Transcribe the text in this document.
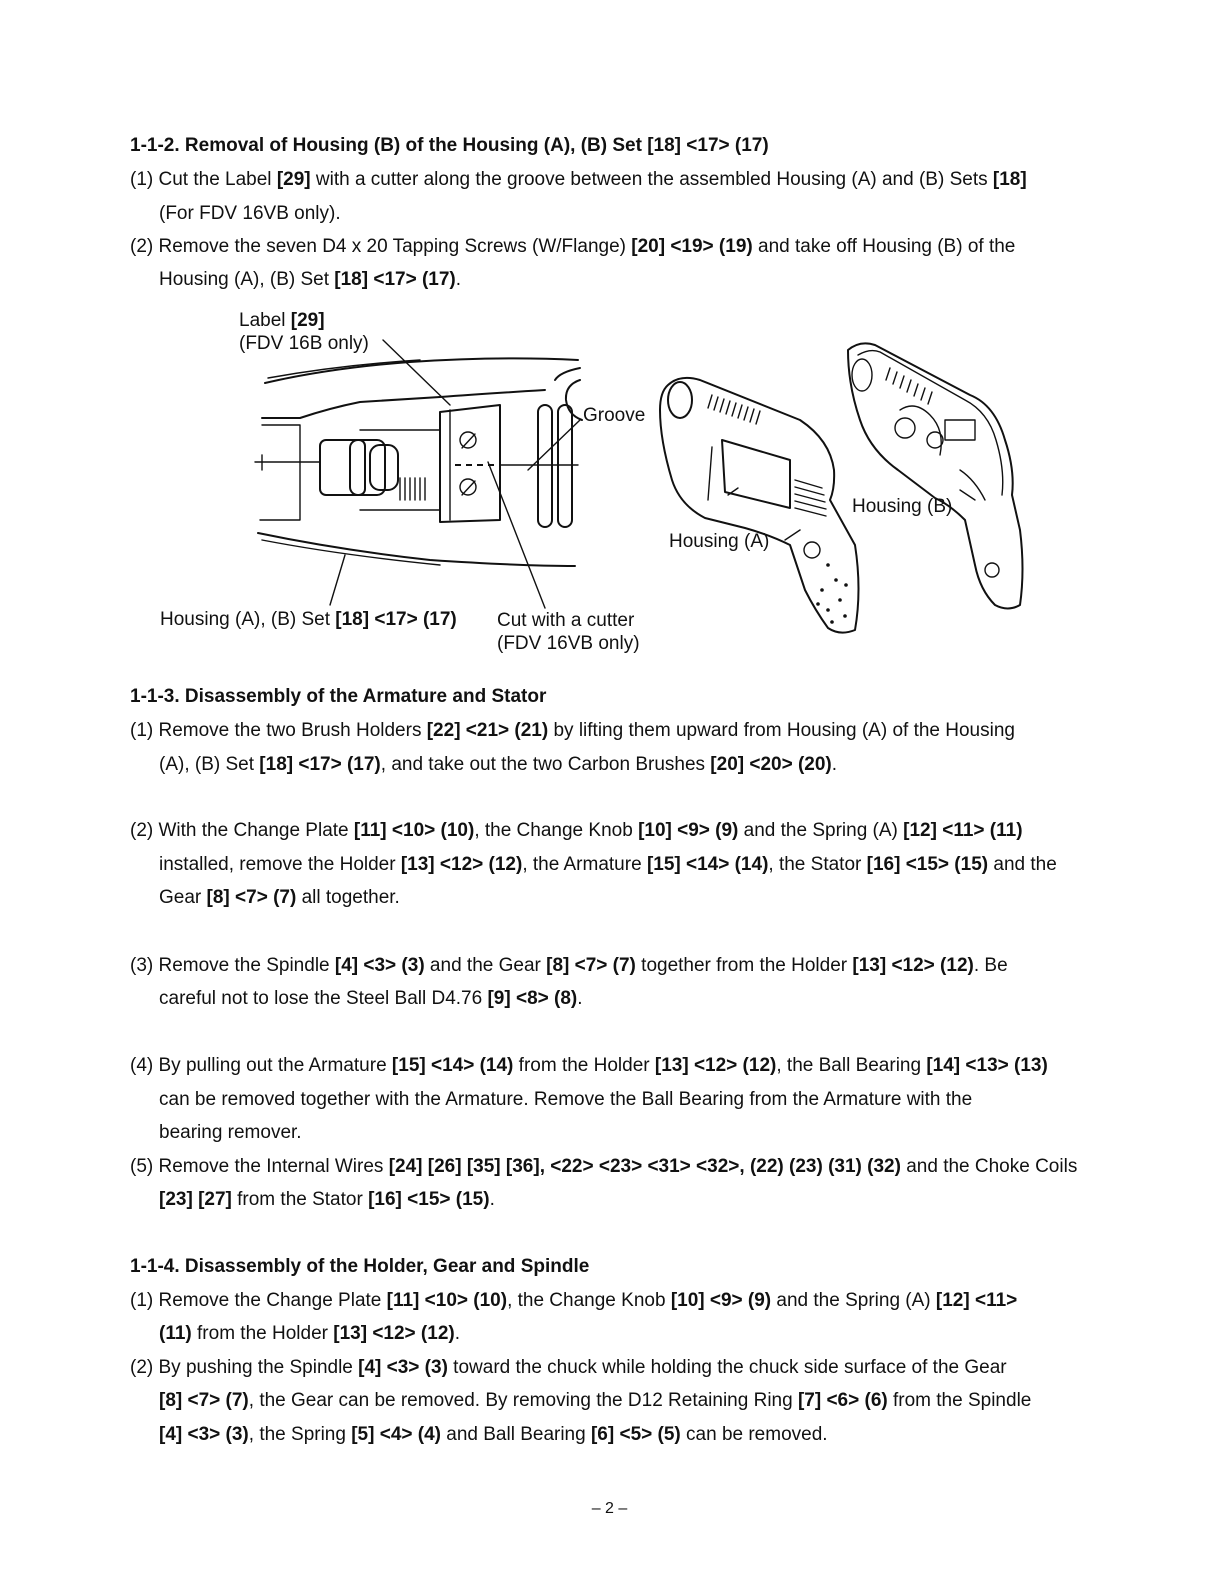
1-1-2. Removal of Housing (B) of the Housing (A), (B) Set [18] <17> (17)
(1) Cut the Label [29] with a cutter along the groove between the assembled Housing (A) and (B) Sets [18]
(For FDV 16VB only).
(2) Remove the seven D4 x 20 Tapping Screws (W/Flange) [20] <19> (19) and take off Housing (B) of the
Housing (A), (B) Set [18] <17> (17).
Label [29]
(FDV 16B only)
Groove
Housing (B)
Housing (A)
Housing (A), (B) Set [18] <17> (17) Cut with a cutter
(FDV 16VB only)
1-1-3. Disassembly of the Armature and Stator
(1) Remove the two Brush Holders [22] <21> (21) by lifting them upward from Housing (A) of the Housing
(A), (B) Set [18] <17> (17), and take out the two Carbon Brushes [20] <20> (20).
(2) With the Change Plate [11] <10> (10), the Change Knob [10] <9> (9) and the Spring (A) [12] <11> (11)
installed, remove the Holder [13] <12> (12), the Armature [15] <14> (14), the Stator [16] <15> (15) and the
Gear [8] <7> (7) all together.
(3) Remove the Spindle [4] <3> (3) and the Gear [8] <7> (7) together from the Holder [13] <12> (12). Be
careful not to lose the Steel Ball D4.76 [9] <8> (8).
(4) By pulling out the Armature [15] <14> (14) from the Holder [13] <12> (12), the Ball Bearing [14] <13> (13)
can be removed together with the Armature. Remove the Ball Bearing from the Armature with the
bearing remover.
(5) Remove the Internal Wires [24] [26] [35] [36], <22> <23> <31> <32>, (22) (23) (31) (32) and the Choke Coils
[23] [27] from the Stator [16] <15> (15).
1-1-4. Disassembly of the Holder, Gear and Spindle
(1) Remove the Change Plate [11] <10> (10), the Change Knob [10] <9> (9) and the Spring (A) [12] <11>
(11) from the Holder [13] <12> (12).
(2) By pushing the Spindle [4] <3> (3) toward the chuck while holding the chuck side surface of the Gear
[8] <7> (7), the Gear can be removed. By removing the D12 Retaining Ring [7] <6> (6) from the Spindle
[4] <3> (3), the Spring [5] <4> (4) and Ball Bearing [6] <5> (5) can be removed.
– 2 –
